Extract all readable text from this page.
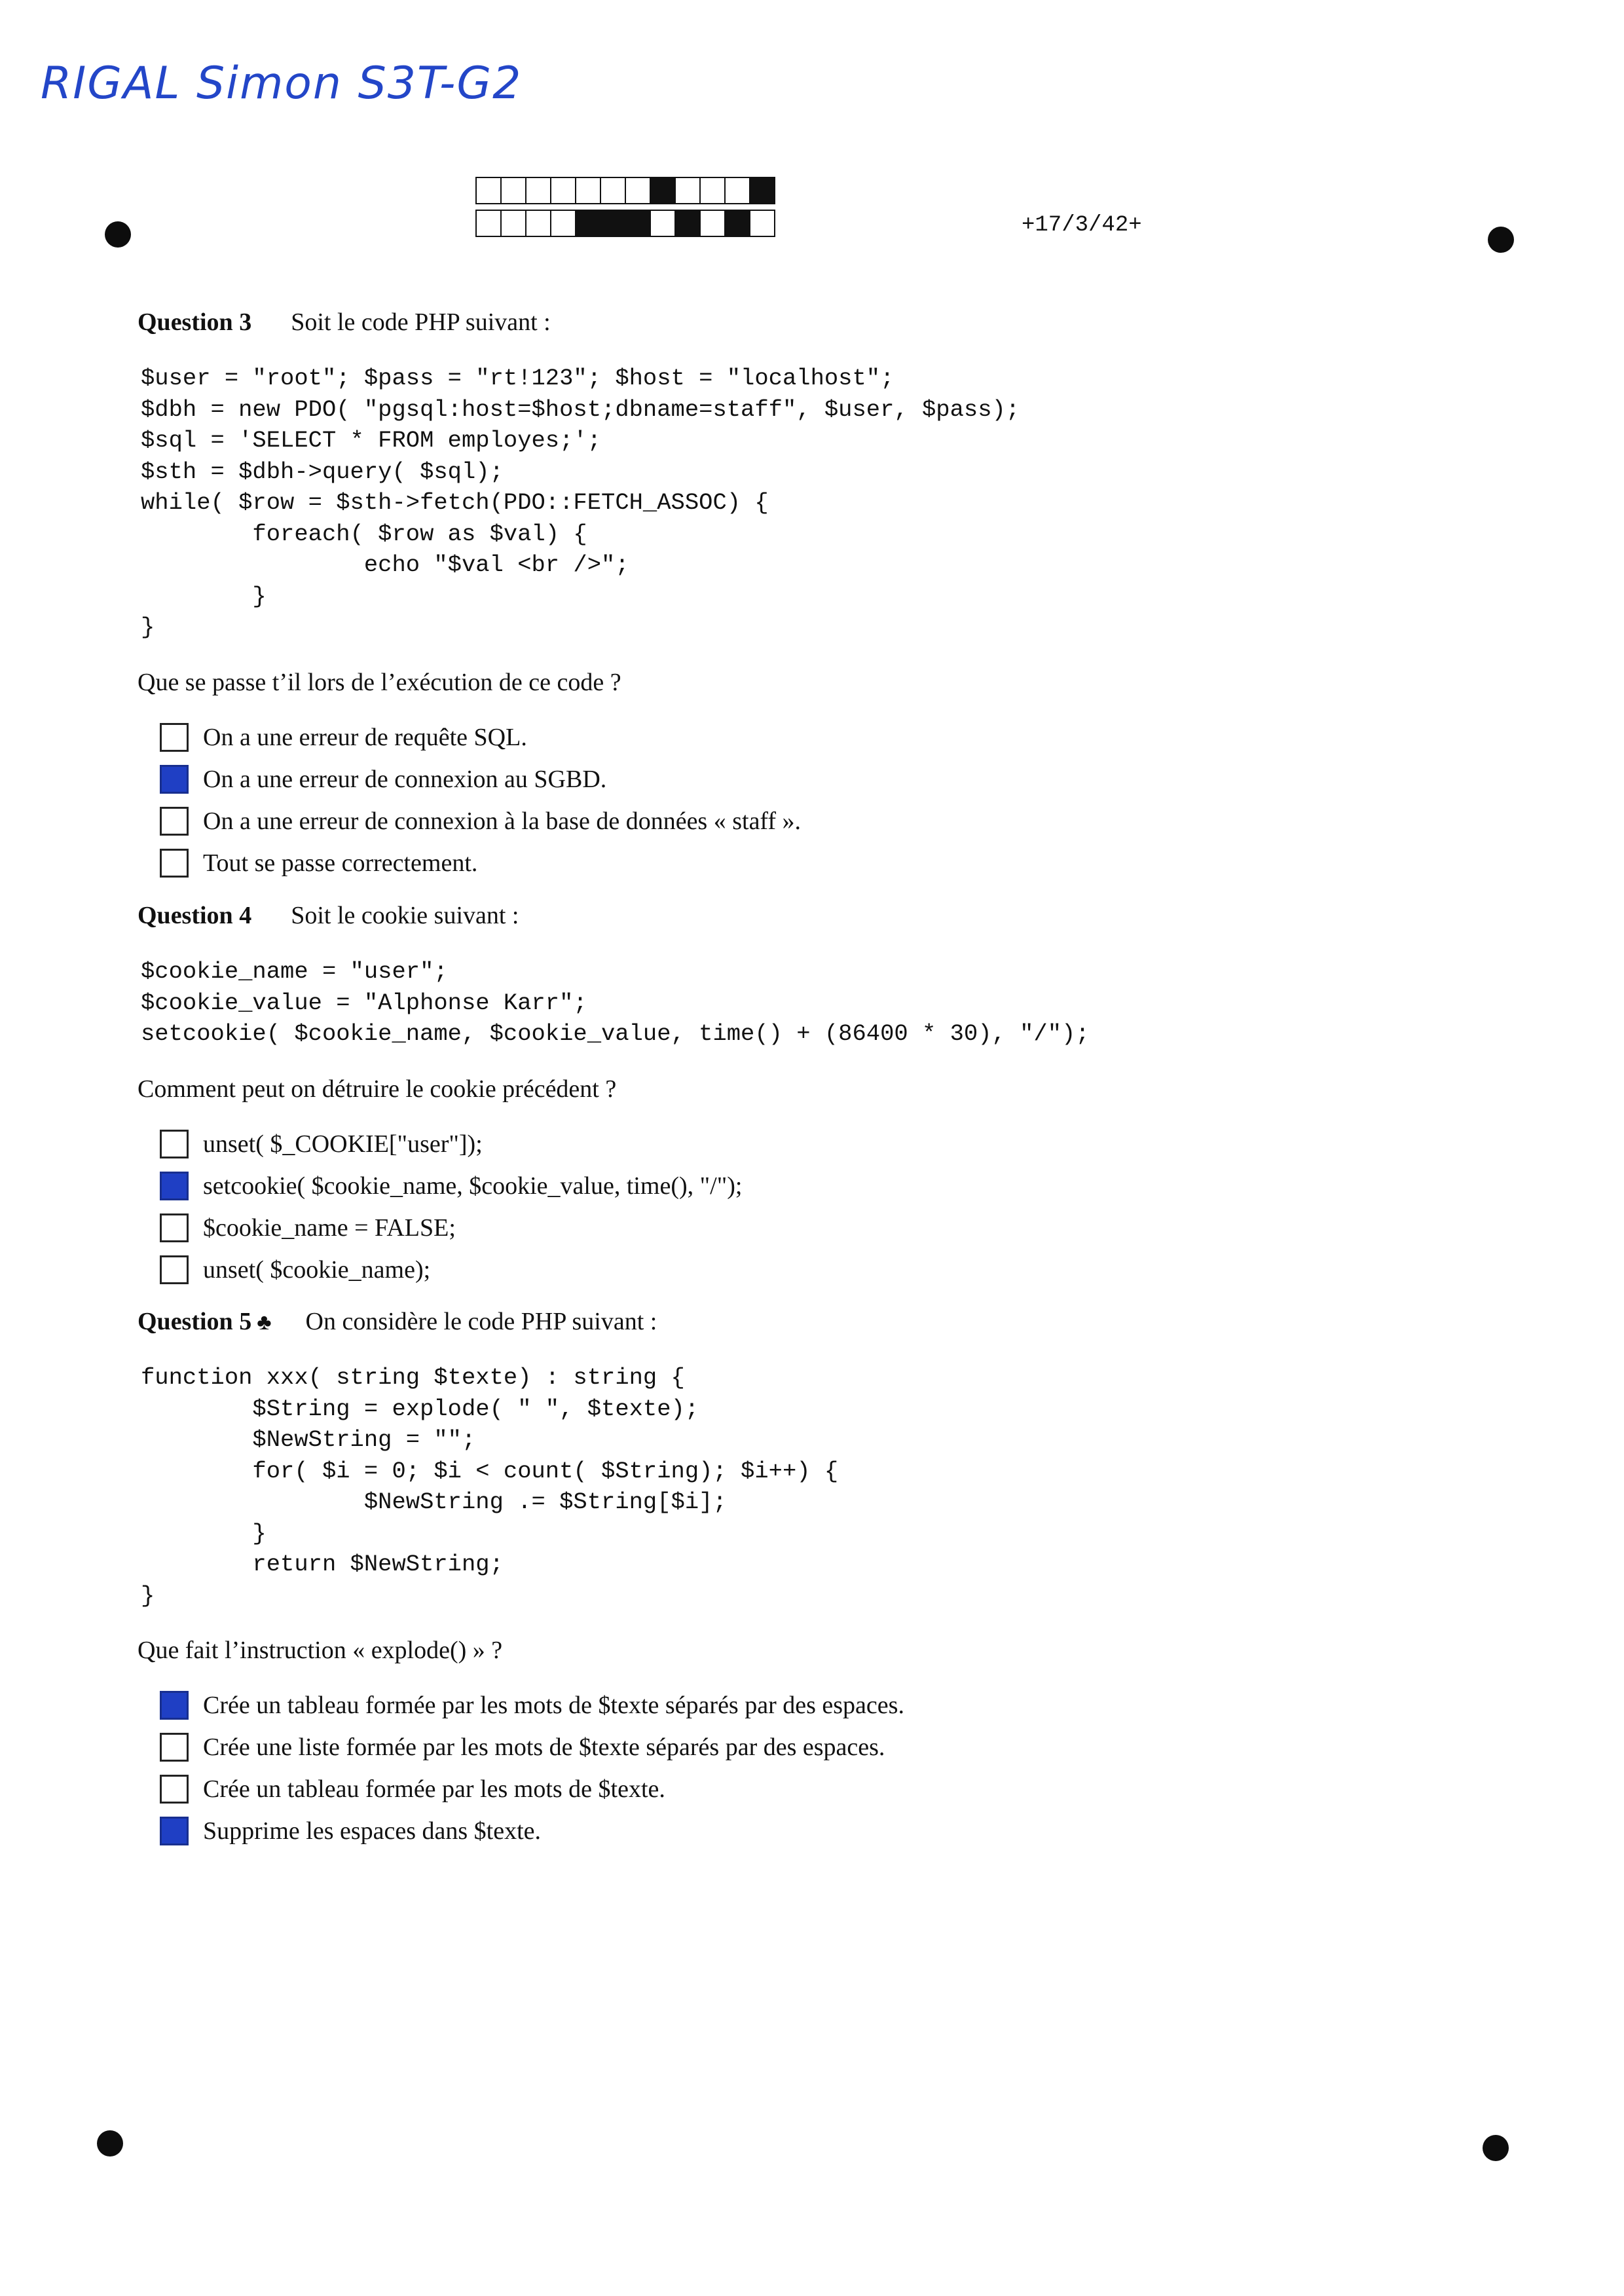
RIGAL Simon S3T-G2

+17/3/42+

Question 3 Soit le code PHP suivant :

$user = "root"; $pass = "rt!123"; $host = "localhost";
$dbh = new PDO( "pgsql:host=$host;dbname=staff", $user, $pass);
$sql = 'SELECT * FROM employes;';
$sth = $dbh->query( $sql);
while( $row = $sth->fetch(PDO::FETCH_ASSOC) {
foreach( $row as $val) {
echo "$val <br />";
}
}

Que se passe t’il lors de l’exécution de ce code ?

On a une erreur de requête SQL.
On a une erreur de connexion au SGBD.
On a une erreur de connexion à la base de données « staff ».
Tout se passe correctement.

Question 4 Soit le cookie suivant :

$cookie_name = "user";
$cookie_value = "Alphonse Karr";
setcookie( $cookie_name, $cookie_value, time() + (86400 * 30), "/");

Comment peut on détruire le cookie précédent ?

unset( $_COOKIE["user"]);
setcookie( $cookie_name, $cookie_value, time(), "/");
$cookie_name = FALSE;
unset( $cookie_name);

Question 5 ♣ On considère le code PHP suivant :

function xxx( string $texte) : string {
$String = explode( " ", $texte);
$NewString = "";
for( $i = 0; $i < count( $String); $i++) {
$NewString .= $String[$i];
}
return $NewString;
}

Que fait l’instruction « explode() » ?

Crée un tableau formée par les mots de $texte séparés par des espaces.
Crée une liste formée par les mots de $texte séparés par des espaces.
Crée un tableau formée par les mots de $texte.
Supprime les espaces dans $texte.
